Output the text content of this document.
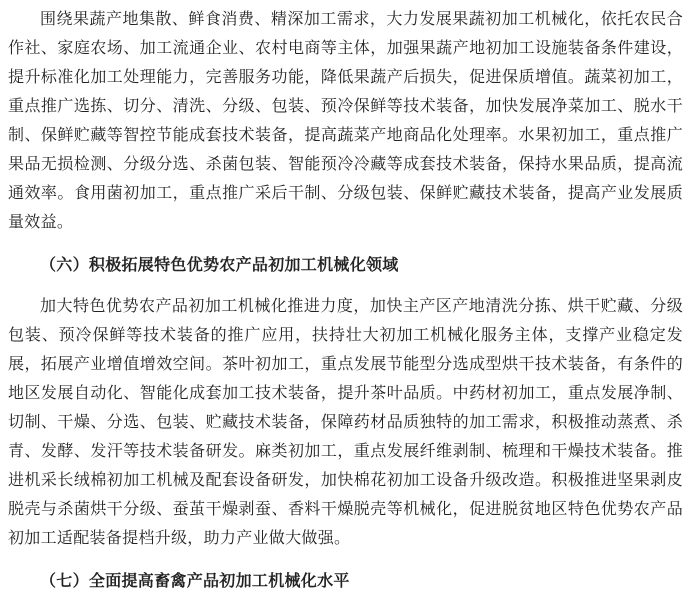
围绕果蔬产地集散、鲜食消费、精深加工需求，大力发展果蔬初加工机械化，依托农民合作社、家庭农场、加工流通企业、农村电商等主体，加强果蔬产地初加工设施装备条件建设，提升标准化加工处理能力，完善服务功能，降低果蔬产后损失，促进保质增值。蔬菜初加工，重点推广选拣、切分、清洗、分级、包装、预冷保鲜等技术装备，加快发展净菜加工、脱水干制、保鲜贮藏等智控节能成套技术装备，提高蔬菜产地商品化处理率。水果初加工，重点推广果品无损检测、分级分选、杀菌包装、智能预冷冷藏等成套技术装备，保持水果品质，提高流通效率。食用菌初加工，重点推广采后干制、分级包装、保鲜贮藏技术装备，提高产业发展质量效益。

（六）积极拓展特色优势农产品初加工机械化领域

加大特色优势农产品初加工机械化推进力度，加快主产区产地清洗分拣、烘干贮藏、分级包装、预冷保鲜等技术装备的推广应用，扶持壮大初加工机械化服务主体，支撑产业稳定发展，拓展产业增值增效空间。茶叶初加工，重点发展节能型分选成型烘干技术装备，有条件的地区发展自动化、智能化成套加工技术装备，提升茶叶品质。中药材初加工，重点发展净制、切制、干燥、分选、包装、贮藏技术装备，保障药材品质独特的加工需求，积极推动蒸煮、杀青、发酵、发汗等技术装备研发。麻类初加工，重点发展纤维剥制、梳理和干燥技术装备。推进机采长绒棉初加工机械及配套设备研发，加快棉花初加工设备升级改造。积极推进坚果剥皮脱壳与杀菌烘干分级、蚕茧干燥剥蚕、香料干燥脱壳等机械化，促进脱贫地区特色优势农产品初加工适配装备提档升级，助力产业做大做强。

（七）全面提高畜禽产品初加工机械化水平
